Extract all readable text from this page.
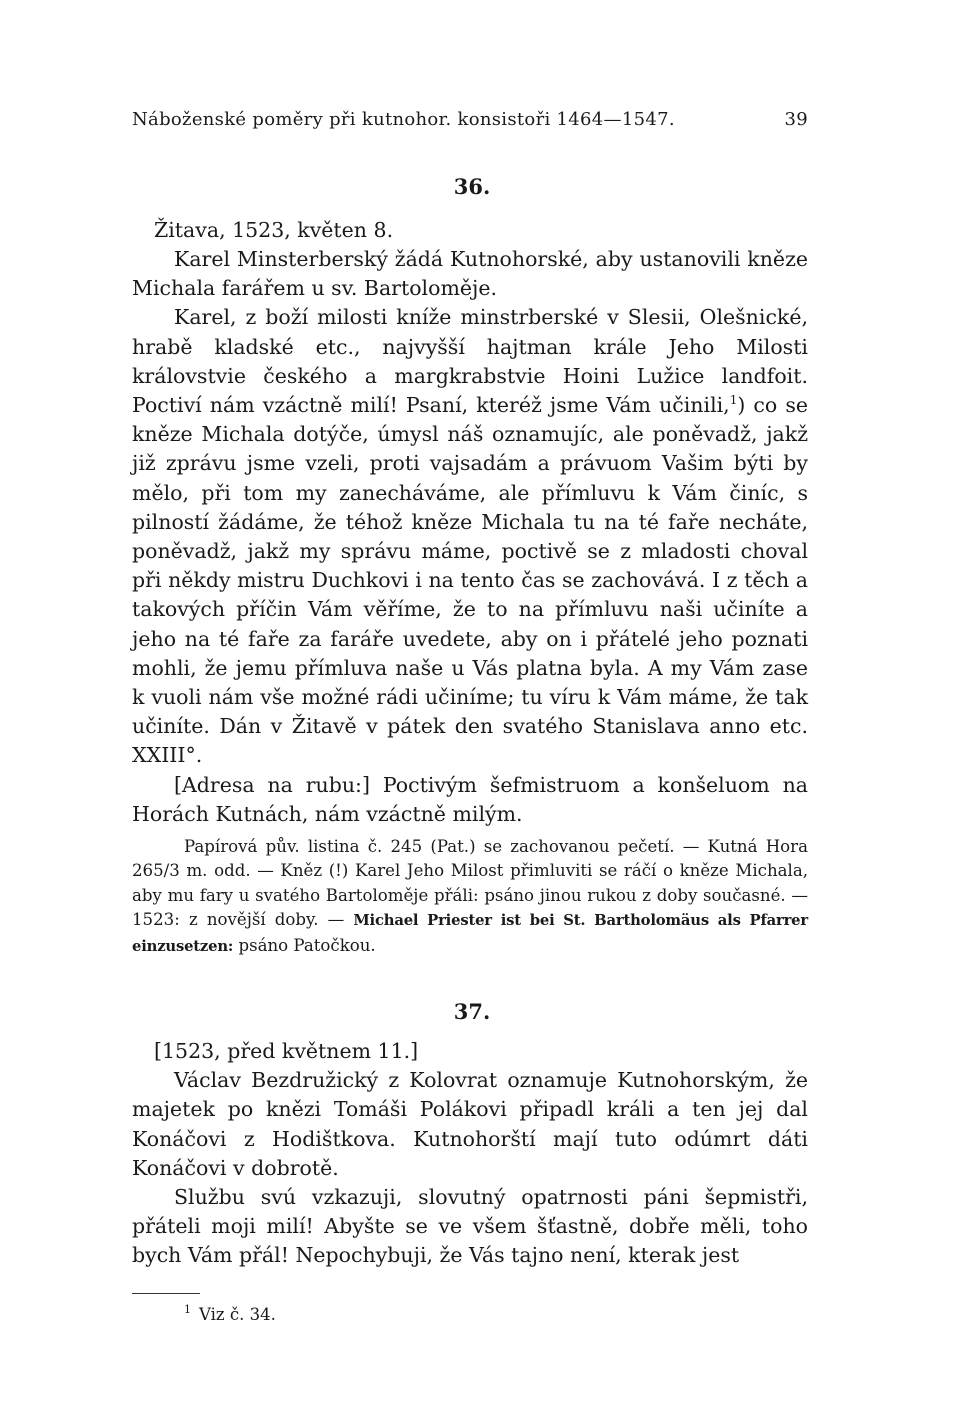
Náboženské poměry při kutnohor. konsistoři 1464—1547.	39
36.
Žitava, 1523, květen 8.

Karel Minsterberský žádá Kutnohorské, aby ustanovili kněze Michala farářem u sv. Bartoloměje.

Karel, z boží milosti kníže minstrberské v Slesii, Olešnické, hrabě kladské etc., najvyšší hajtman krále Jeho Milosti královstvie českého a margkrabstvie Hoini Lužice landfoit. Poctiví nám vzáctně milí! Psaní, kteréž jsme Vám učinili,$^1$) co se kněze Michala dotýče, úmysl náš oznamujíc, ale poněvadž, jakž již zprávu jsme vzeli, proti vajsadám a právuom Vašim býti by mělo, při tom my zanecháváme, ale přímluvu k Vám činíc, s pilností žádáme, že téhož kněze Michala tu na té faře necháte, poněvadž, jakž my správu máme, poctivě se z mladosti choval při někdy mistru Duchkovi i na tento čas se zachovává. I z těch a takových příčin Vám věříme, že to na přímluvu naši učiníte a jeho na té faře za faráře uvedete, aby on i přátelé jeho poznati mohli, že jemu přímluva naše u Vás platna byla. A my Vám zase k vuoli nám vše možné rádi učiníme; tu víru k Vám máme, že tak učiníte. Dán v Žitavě v pátek den svatého Stanislava anno etc. XXIII°.

[Adresa na rubu:] Poctivým šefmistruom a konšeluom na Horách Kutnách, nám vzáctně milým.

Papírová pův. listina č. 245 (Pat.) se zachovanou pečetí. — Kutná Hora 265/3 m. odd. — Kněz (!) Karel Jeho Milost přimluviti se ráčí o kněze Michala, aby mu fary u svatého Bartoloměje přáli: psáno jinou rukou z doby současné. — 1523: z novější doby. — Michael Priester ist bei St. Bartholomäus als Pfarrer einzusetzen: psáno Patočkou.

37.
[1523, před květnem 11.]

Václav Bezdružický z Kolovrat oznamuje Kutnohorským, že majetek po knězi Tomáši Polákovi připadl králi a ten jej dal Konáčovi z Hodištkova. Kutnohorští mají tuto odúmrt dáti Konáčovi v dobrotě.

Službu svú vzkazuji, slovutný opatrnosti páni šepmistři, přáteli moji milí! Abyšte se ve všem šťastně, dobře měli, toho bych Vám přál! Nepochybuji, že Vás tajno není, kterak jest

$^1$ Viz č. 34.
